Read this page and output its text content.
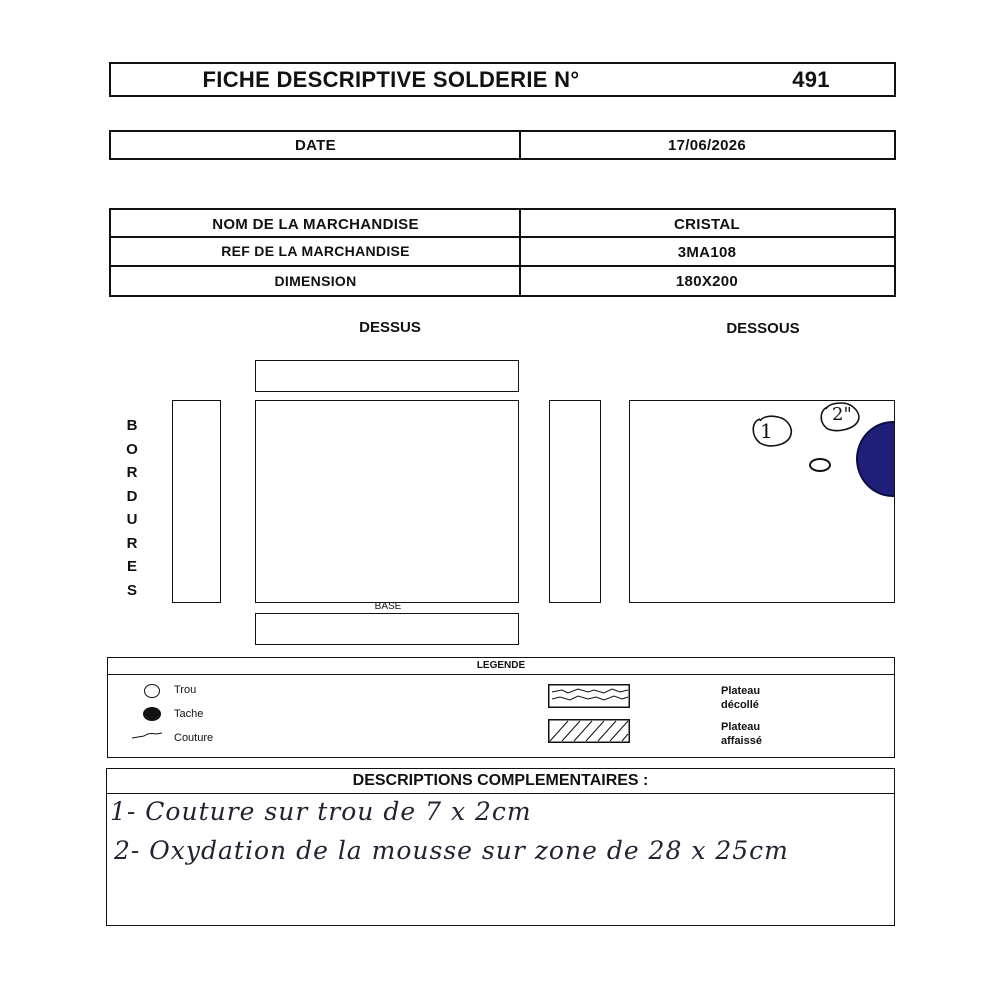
FICHE DESCRIPTIVE SOLDERIE N°	491
DATE	17/06/2026
NOM DE LA MARCHANDISE	CRISTAL
REF DE LA MARCHANDISE	3MA108
DIMENSION	180X200
DESSUS	DESSOUS
BORDURES
BASE
1
2"
LEGENDE
Trou
Tache
Couture
Plateau
décollé
Plateau
affaissé
DESCRIPTIONS COMPLEMENTAIRES :
1- Couture sur trou de 7 x 2cm
2- Oxydation de la mousse sur zone de 28 x 25cm
